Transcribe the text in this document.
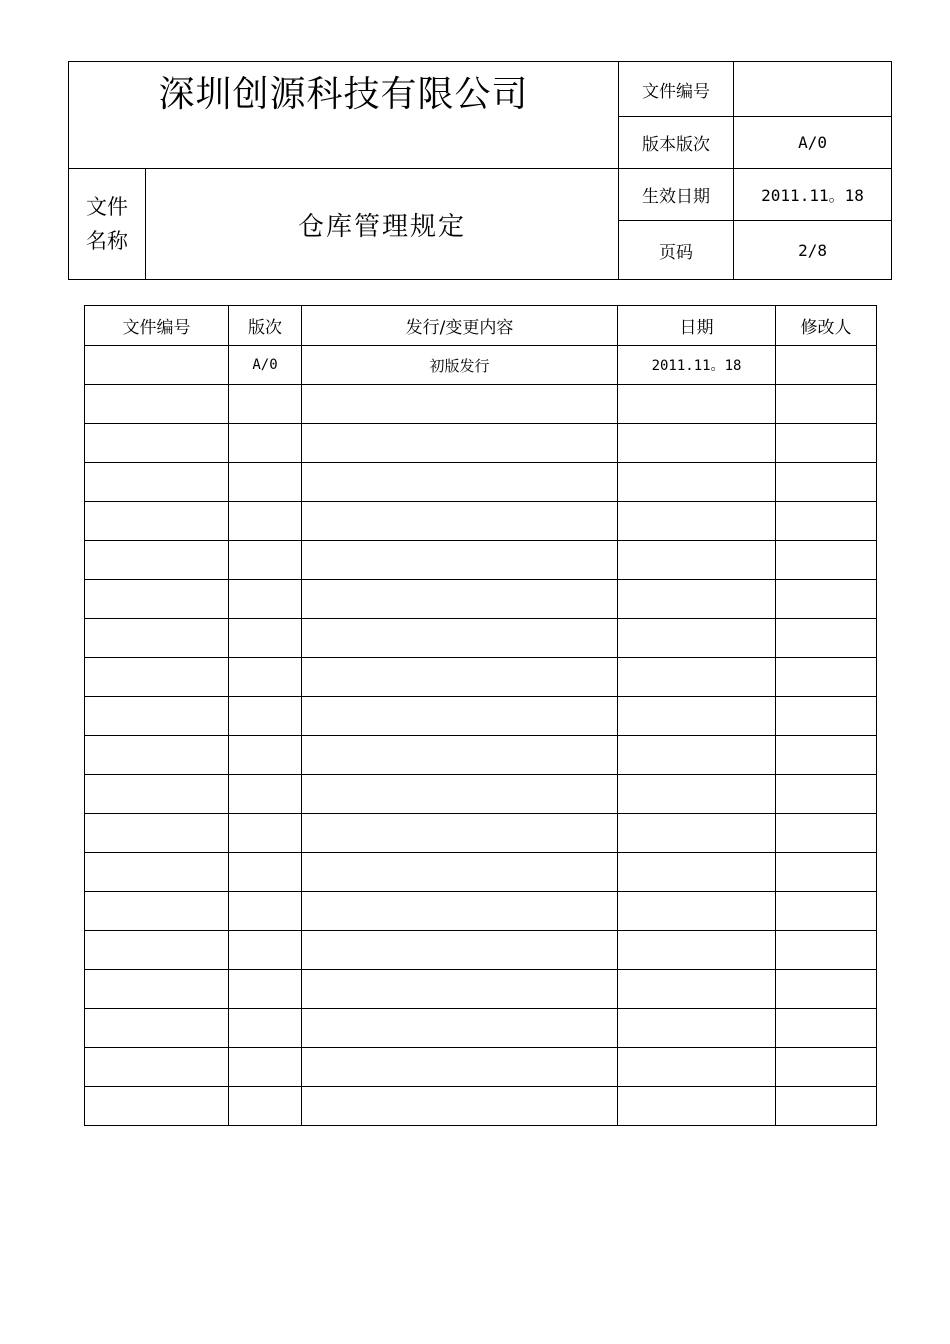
深圳创源科技有限公司		文件编号	
		版本版次	A/0

文件
名称	仓库管理规定	生效日期	2011.11。18
		页码	2/8
文件编号	版次	发行/变更内容	日期	修改人
	A/0	初版发行	2011.11。18	
